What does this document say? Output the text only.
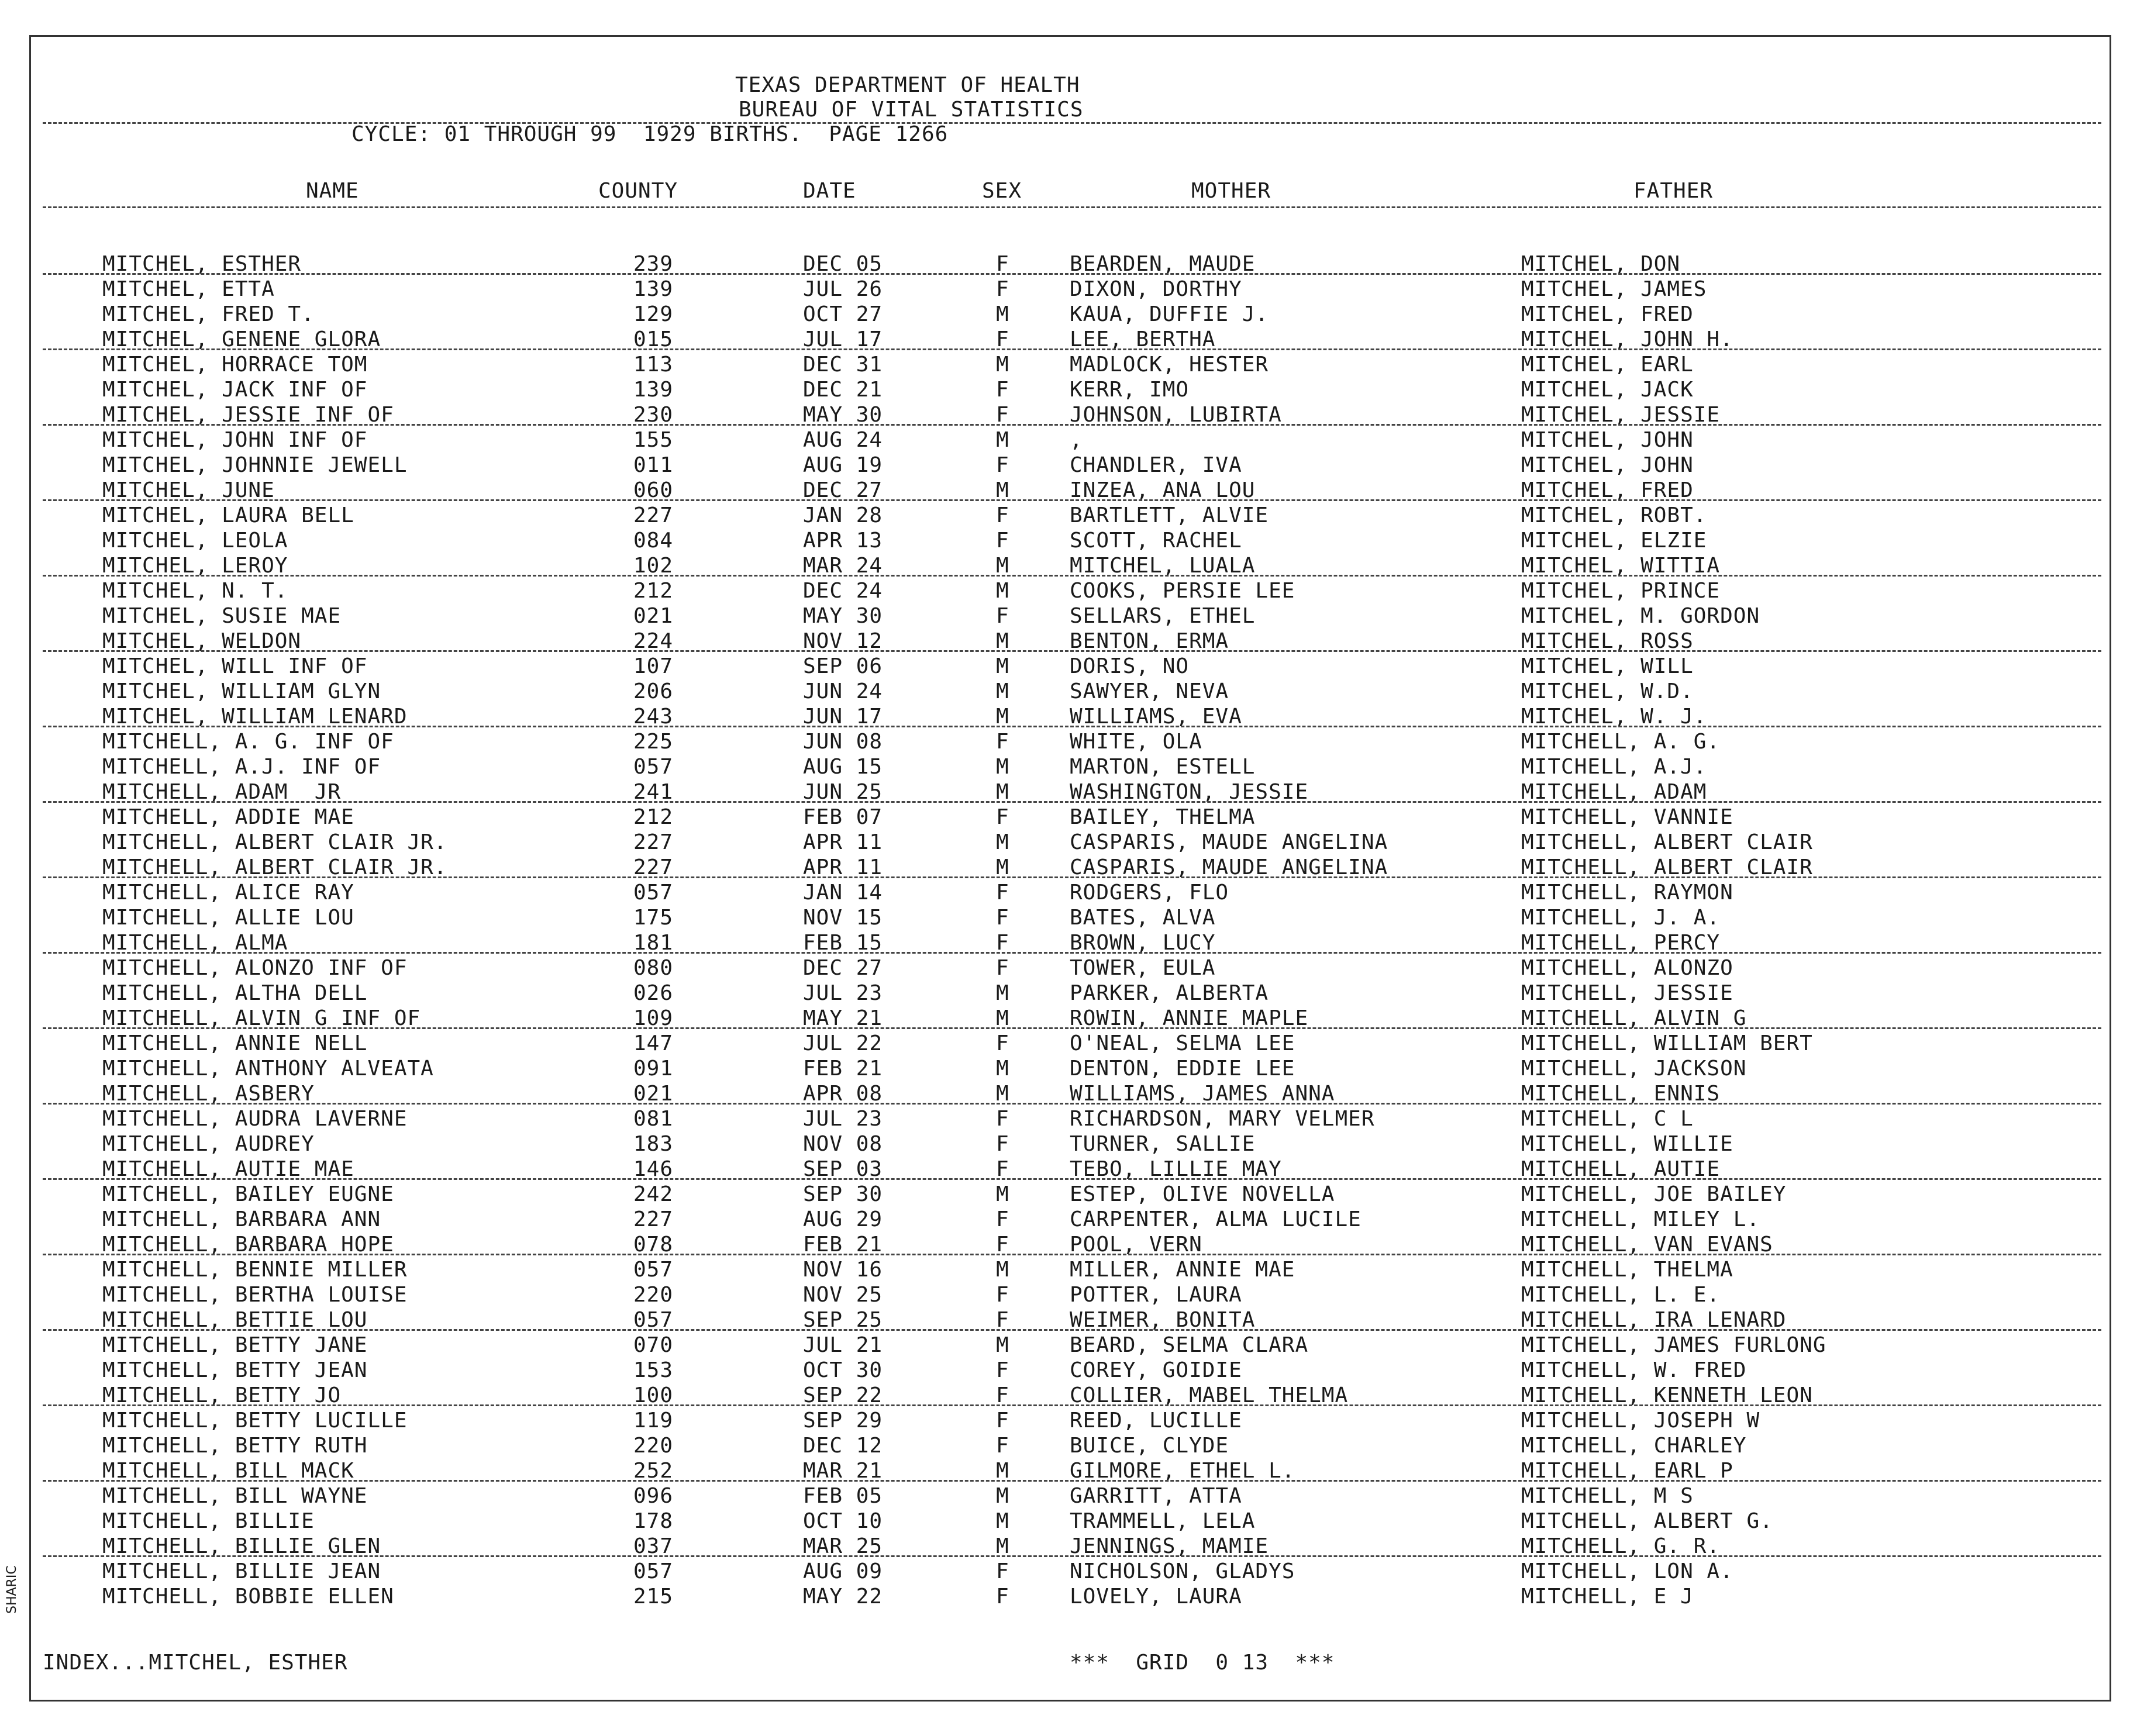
TEXAS DEPARTMENT OF HEALTH
BUREAU OF VITAL STATISTICS
CYCLE: 01 THROUGH 99  1929 BIRTHS.  PAGE 1266
NAME	COUNTY	DATE	SEX	MOTHER	FATHER
MITCHEL, ESTHER	239	DEC 05	F	BEARDEN, MAUDE	MITCHEL, DON
MITCHEL, ETTA	139	JUL 26	F	DIXON, DORTHY	MITCHEL, JAMES
MITCHEL, FRED T.	129	OCT 27	M	KAUA, DUFFIE J.	MITCHEL, FRED
MITCHEL, GENENE GLORA	015	JUL 17	F	LEE, BERTHA	MITCHEL, JOHN H.
MITCHEL, HORRACE TOM	113	DEC 31	M	MADLOCK, HESTER	MITCHEL, EARL
MITCHEL, JACK INF OF	139	DEC 21	F	KERR, IMO	MITCHEL, JACK
MITCHEL, JESSIE INF OF	230	MAY 30	F	JOHNSON, LUBIRTA	MITCHEL, JESSIE
MITCHEL, JOHN INF OF	155	AUG 24	M	,	MITCHEL, JOHN
MITCHEL, JOHNNIE JEWELL	011	AUG 19	F	CHANDLER, IVA	MITCHEL, JOHN
MITCHEL, JUNE	060	DEC 27	M	INZEA, ANA LOU	MITCHEL, FRED
MITCHEL, LAURA BELL	227	JAN 28	F	BARTLETT, ALVIE	MITCHEL, ROBT.
MITCHEL, LEOLA	084	APR 13	F	SCOTT, RACHEL	MITCHEL, ELZIE
MITCHEL, LEROY	102	MAR 24	M	MITCHEL, LUALA	MITCHEL, WITTIA
MITCHEL, N. T.	212	DEC 24	M	COOKS, PERSIE LEE	MITCHEL, PRINCE
MITCHEL, SUSIE MAE	021	MAY 30	F	SELLARS, ETHEL	MITCHEL, M. GORDON
MITCHEL, WELDON	224	NOV 12	M	BENTON, ERMA	MITCHEL, ROSS
MITCHEL, WILL INF OF	107	SEP 06	M	DORIS, NO	MITCHEL, WILL
MITCHEL, WILLIAM GLYN	206	JUN 24	M	SAWYER, NEVA	MITCHEL, W.D.
MITCHEL, WILLIAM LENARD	243	JUN 17	M	WILLIAMS, EVA	MITCHEL, W. J.
MITCHELL, A. G. INF OF	225	JUN 08	F	WHITE, OLA	MITCHELL, A. G.
MITCHELL, A.J. INF OF	057	AUG 15	M	MARTON, ESTELL	MITCHELL, A.J.
MITCHELL, ADAM  JR	241	JUN 25	M	WASHINGTON, JESSIE	MITCHELL, ADAM
MITCHELL, ADDIE MAE	212	FEB 07	F	BAILEY, THELMA	MITCHELL, VANNIE
MITCHELL, ALBERT CLAIR JR.	227	APR 11	M	CASPARIS, MAUDE ANGELINA	MITCHELL, ALBERT CLAIR
MITCHELL, ALBERT CLAIR JR.	227	APR 11	M	CASPARIS, MAUDE ANGELINA	MITCHELL, ALBERT CLAIR
MITCHELL, ALICE RAY	057	JAN 14	F	RODGERS, FLO	MITCHELL, RAYMON
MITCHELL, ALLIE LOU	175	NOV 15	F	BATES, ALVA	MITCHELL, J. A.
MITCHELL, ALMA	181	FEB 15	F	BROWN, LUCY	MITCHELL, PERCY
MITCHELL, ALONZO INF OF	080	DEC 27	F	TOWER, EULA	MITCHELL, ALONZO
MITCHELL, ALTHA DELL	026	JUL 23	M	PARKER, ALBERTA	MITCHELL, JESSIE
MITCHELL, ALVIN G INF OF	109	MAY 21	M	ROWIN, ANNIE MAPLE	MITCHELL, ALVIN G
MITCHELL, ANNIE NELL	147	JUL 22	F	O'NEAL, SELMA LEE	MITCHELL, WILLIAM BERT
MITCHELL, ANTHONY ALVEATA	091	FEB 21	M	DENTON, EDDIE LEE	MITCHELL, JACKSON
MITCHELL, ASBERY	021	APR 08	M	WILLIAMS, JAMES ANNA	MITCHELL, ENNIS
MITCHELL, AUDRA LAVERNE	081	JUL 23	F	RICHARDSON, MARY VELMER	MITCHELL, C L
MITCHELL, AUDREY	183	NOV 08	F	TURNER, SALLIE	MITCHELL, WILLIE
MITCHELL, AUTIE MAE	146	SEP 03	F	TEBO, LILLIE MAY	MITCHELL, AUTIE
MITCHELL, BAILEY EUGNE	242	SEP 30	M	ESTEP, OLIVE NOVELLA	MITCHELL, JOE BAILEY
MITCHELL, BARBARA ANN	227	AUG 29	F	CARPENTER, ALMA LUCILE	MITCHELL, MILEY L.
MITCHELL, BARBARA HOPE	078	FEB 21	F	POOL, VERN	MITCHELL, VAN EVANS
MITCHELL, BENNIE MILLER	057	NOV 16	M	MILLER, ANNIE MAE	MITCHELL, THELMA
MITCHELL, BERTHA LOUISE	220	NOV 25	F	POTTER, LAURA	MITCHELL, L. E.
MITCHELL, BETTIE LOU	057	SEP 25	F	WEIMER, BONITA	MITCHELL, IRA LENARD
MITCHELL, BETTY JANE	070	JUL 21	M	BEARD, SELMA CLARA	MITCHELL, JAMES FURLONG
MITCHELL, BETTY JEAN	153	OCT 30	F	COREY, GOIDIE	MITCHELL, W. FRED
MITCHELL, BETTY JO	100	SEP 22	F	COLLIER, MABEL THELMA	MITCHELL, KENNETH LEON
MITCHELL, BETTY LUCILLE	119	SEP 29	F	REED, LUCILLE	MITCHELL, JOSEPH W
MITCHELL, BETTY RUTH	220	DEC 12	F	BUICE, CLYDE	MITCHELL, CHARLEY
MITCHELL, BILL MACK	252	MAR 21	M	GILMORE, ETHEL L.	MITCHELL, EARL P
MITCHELL, BILL WAYNE	096	FEB 05	M	GARRITT, ATTA	MITCHELL, M S
MITCHELL, BILLIE	178	OCT 10	M	TRAMMELL, LELA	MITCHELL, ALBERT G.
MITCHELL, BILLIE GLEN	037	MAR 25	M	JENNINGS, MAMIE	MITCHELL, G. R.
MITCHELL, BILLIE JEAN	057	AUG 09	F	NICHOLSON, GLADYS	MITCHELL, LON A.
MITCHELL, BOBBIE ELLEN	215	MAY 22	F	LOVELY, LAURA	MITCHELL, E J
INDEX...MITCHEL, ESTHER	***  GRID  0 13  ***
SHARIC
